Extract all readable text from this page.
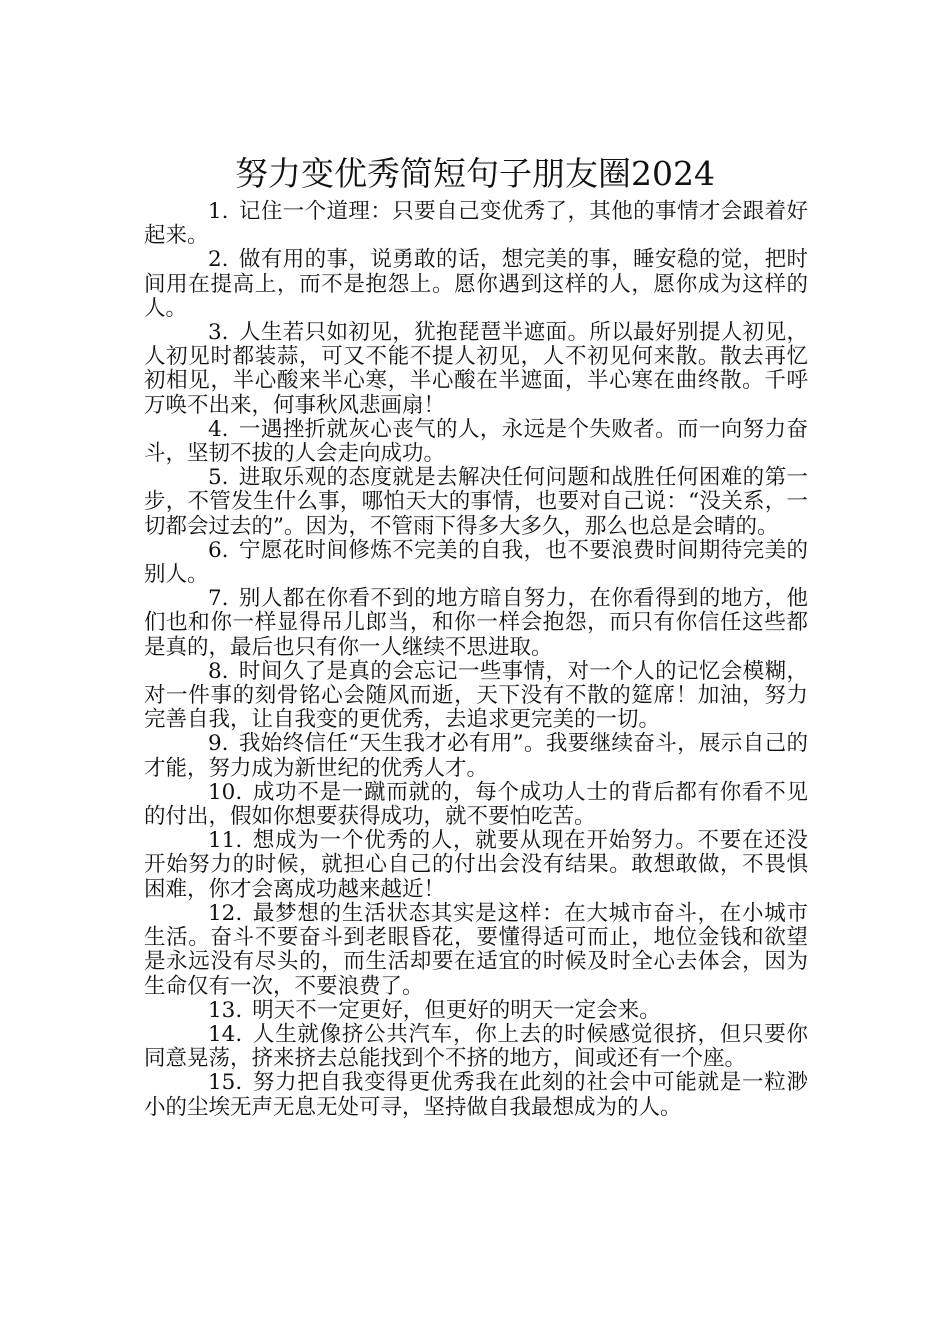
努力变优秀简短句子朋友圈2024

1. 记住一个道理：只要自己变优秀了，其他的事情才会跟着好起来。

2. 做有用的事，说勇敢的话，想完美的事，睡安稳的觉，把时间用在提高上，而不是抱怨上。愿你遇到这样的人，愿你成为这样的人。

3. 人生若只如初见，犹抱琵琶半遮面。所以最好别提人初见，人初见时都装蒜，可又不能不提人初见，人不初见何来散。散去再忆初相见，半心酸来半心寒，半心酸在半遮面，半心寒在曲终散。千呼万唤不出来，何事秋风悲画扇！

4. 一遇挫折就灰心丧气的人，永远是个失败者。而一向努力奋斗，坚韧不拔的人会走向成功。

5. 进取乐观的态度就是去解决任何问题和战胜任何困难的第一步，不管发生什么事，哪怕天大的事情，也要对自己说：“没关系，一切都会过去的”。因为，不管雨下得多大多久，那么也总是会晴的。

6. 宁愿花时间修炼不完美的自我，也不要浪费时间期待完美的别人。

7. 别人都在你看不到的地方暗自努力，在你看得到的地方，他们也和你一样显得吊儿郎当，和你一样会抱怨，而只有你信任这些都是真的，最后也只有你一人继续不思进取。

8. 时间久了是真的会忘记一些事情，对一个人的记忆会模糊，对一件事的刻骨铭心会随风而逝，天下没有不散的筵席！加油，努力完善自我，让自我变的更优秀，去追求更完美的一切。

9. 我始终信任“天生我才必有用”。我要继续奋斗，展示自己的才能，努力成为新世纪的优秀人才。

10. 成功不是一蹴而就的，每个成功人士的背后都有你看不见的付出，假如你想要获得成功，就不要怕吃苦。

11. 想成为一个优秀的人，就要从现在开始努力。不要在还没开始努力的时候，就担心自己的付出会没有结果。敢想敢做，不畏惧困难，你才会离成功越来越近！

12. 最梦想的生活状态其实是这样：在大城市奋斗，在小城市生活。奋斗不要奋斗到老眼昏花，要懂得适可而止，地位金钱和欲望是永远没有尽头的，而生活却要在适宜的时候及时全心去体会，因为生命仅有一次，不要浪费了。

13. 明天不一定更好，但更好的明天一定会来。

14. 人生就像挤公共汽车，你上去的时候感觉很挤，但只要你同意晃荡，挤来挤去总能找到个不挤的地方，间或还有一个座。

15. 努力把自我变得更优秀我在此刻的社会中可能就是一粒渺小的尘埃无声无息无处可寻，坚持做自我最想成为的人。
